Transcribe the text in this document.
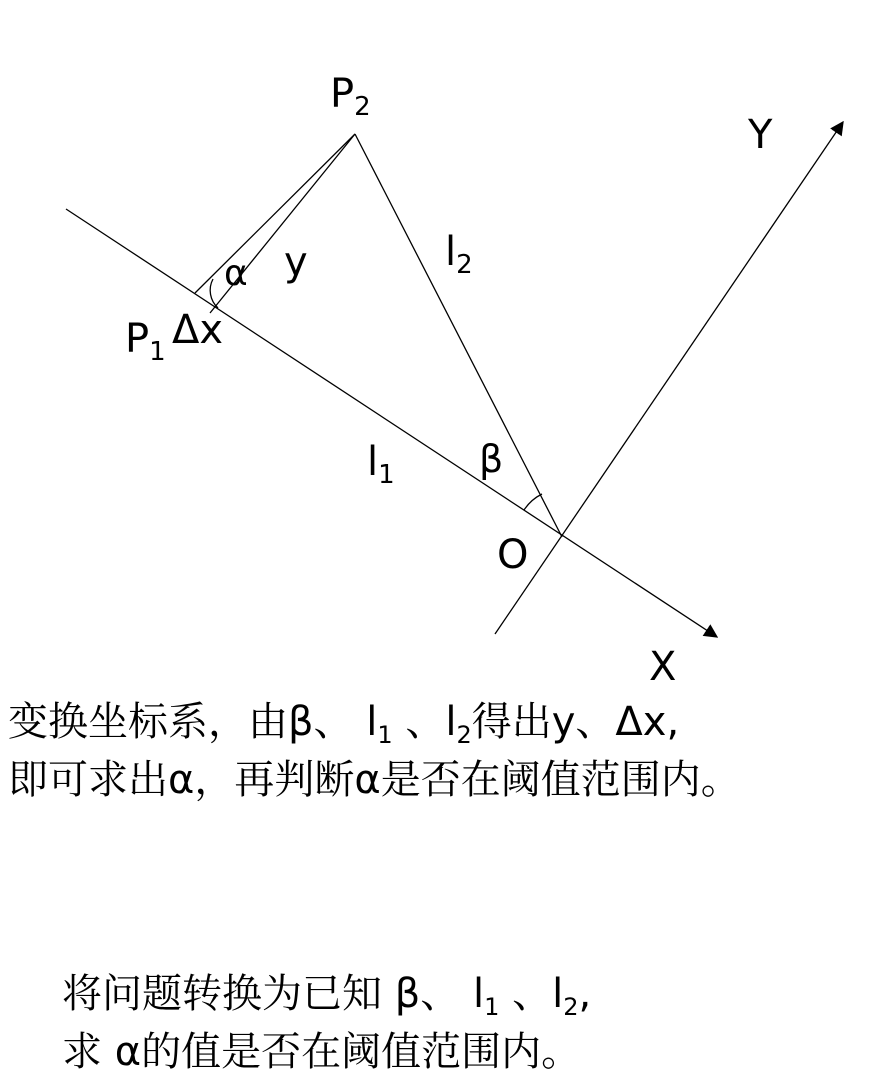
$P_2$
$P_1$ Δx
α y	$l_2$
β
$l_1$
O
Y
X
变换坐标系，由β、 $l_1$ 、$l_2$得出y、Δx,
即可求出α，再判断α是否在阈值范围内。
将问题转换为已知 β、 $l_1$ 、$l_2$,
求 α的值是否在阈值范围内。
